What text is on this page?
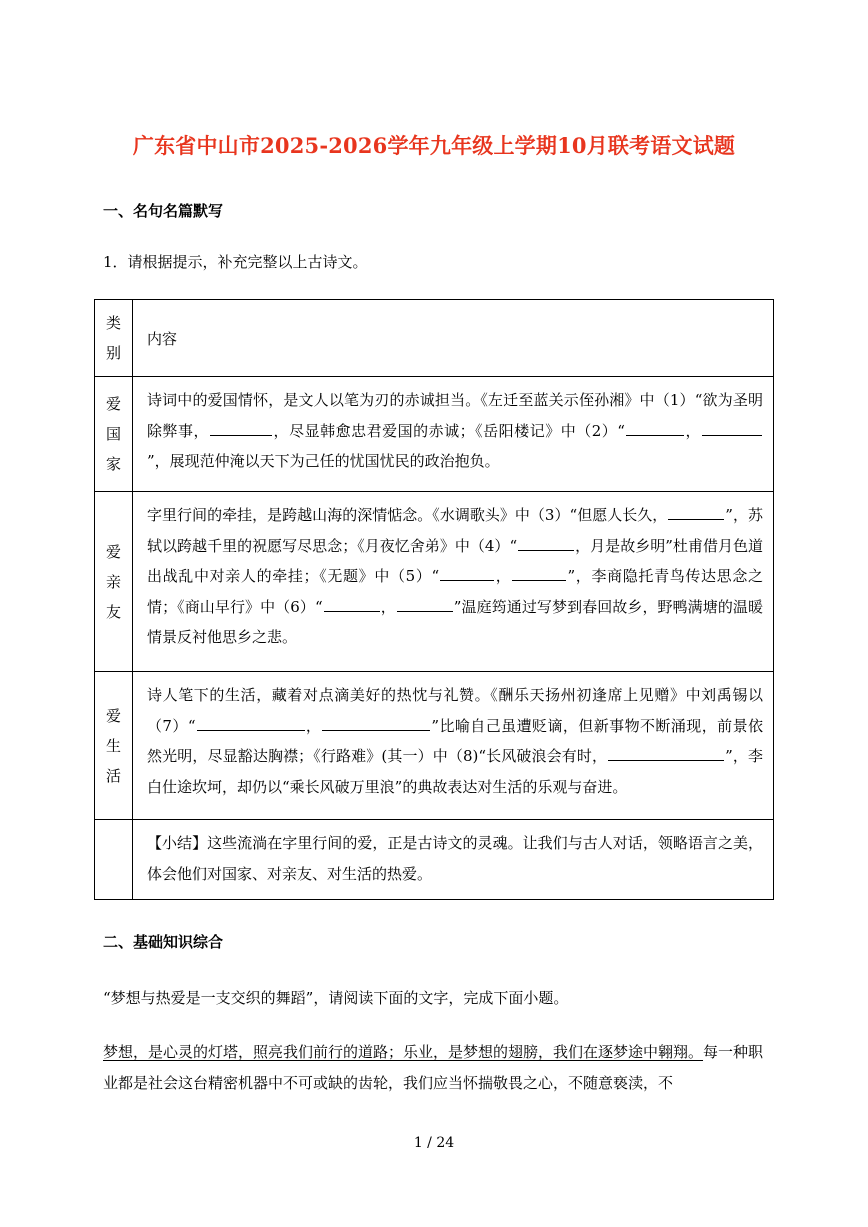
广东省中山市2025-2026学年九年级上学期10月联考语文试题
一、名句名篇默写
1．请根据提示，补充完整以上古诗文。
类别	内容
爱国家	诗词中的爱国情怀，是文人以笔为刃的赤诚担当。《左迁至蓝关示侄孙湘》中（1）“欲为圣明除弊事， ，尽显韩愈忠君爱国的赤诚；《岳阳楼记》中（2）“ ，”，展现范仲淹以天下为己任的忧国忧民的政治抱负。
爱亲友	字里行间的牵挂，是跨越山海的深情惦念。《水调歌头》中（3）“但愿人长久， ”，苏轼以跨越千里的祝愿写尽思念；《月夜忆舍弟》中（4）“ ，月是故乡明”杜甫借月色道出战乱中对亲人的牵挂；《无题》中（5）“ ， ”，李商隐托青鸟传达思念之情；《商山早行》中（6）“ ， ”温庭筠通过写梦到春回故乡，野鸭满塘的温暖情景反衬他思乡之悲。
爱生活	诗人笔下的生活，藏着对点滴美好的热忱与礼赞。《酬乐天扬州初逢席上见赠》中刘禹锡以（7）“ ， ”比喻自己虽遭贬谪，但新事物不断涌现，前景依然光明，尽显豁达胸襟；《行路难》(其一）中（8)“长风破浪会有时， ”，李白仕途坎坷，却仍以“乘长风破万里浪”的典故表达对生活的乐观与奋进。
	【小结】这些流淌在字里行间的爱，正是古诗文的灵魂。让我们与古人对话，领略语言之美，体会他们对国家、对亲友、对生活的热爱。
二、基础知识综合
“梦想与热爱是一支交织的舞蹈”，请阅读下面的文字，完成下面小题。
梦想，是心灵的灯塔，照亮我们前行的道路；乐业，是梦想的翅膀，我们在逐梦途中翱翔。每一种职业都是社会这台精密机器中不可或缺的齿轮，我们应当怀揣敬畏之心，不随意亵渎，不
1 / 24
